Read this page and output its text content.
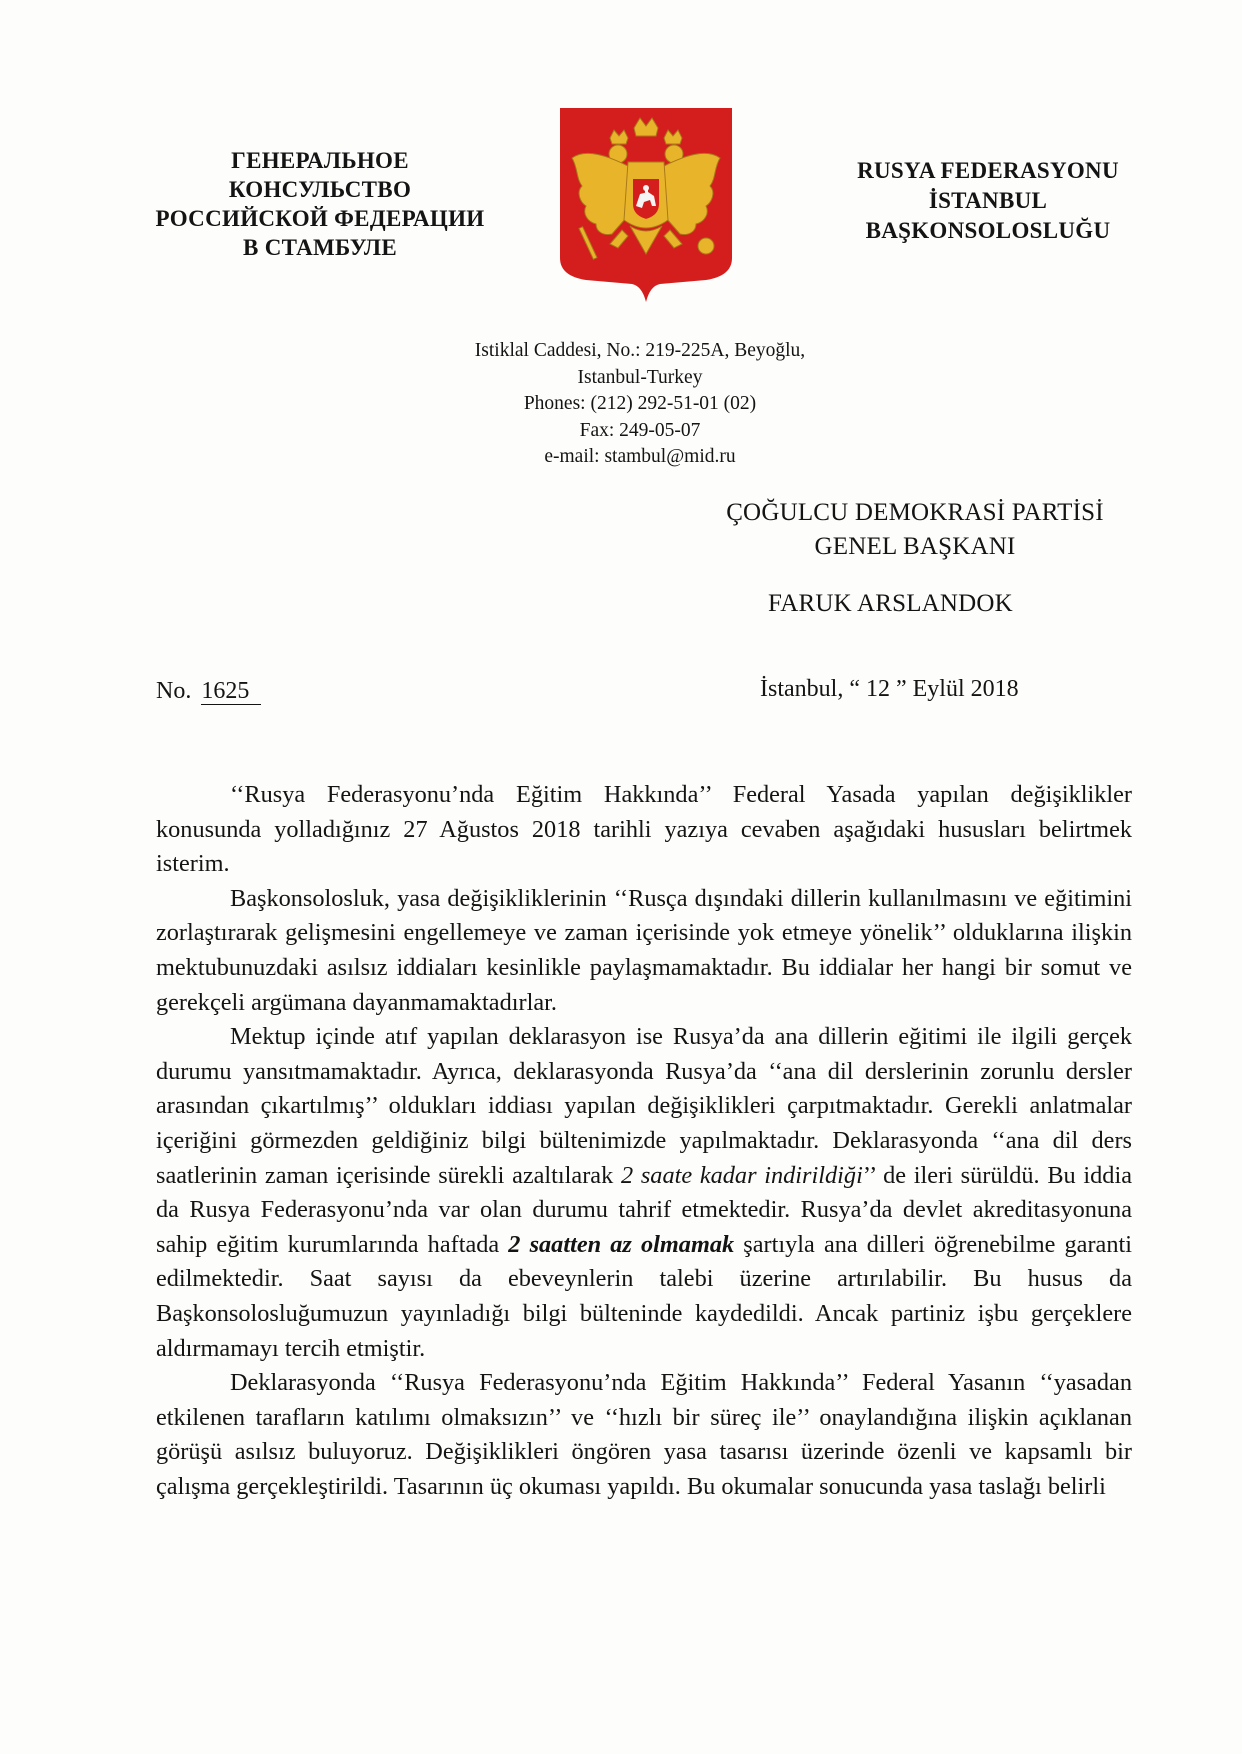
ГЕНЕРАЛЬНОЕ
КОНСУЛЬСТВО
РОССИЙСКОЙ ФЕДЕРАЦИИ
В СТАМБУЛЕ
RUSYA FEDERASYONU
İSTANBUL
BAŞKONSOLOSLUĞU
Istiklal Caddesi, No.: 219-225A, Beyoğlu,
Istanbul-Turkey
Phones: (212) 292-51-01 (02)
Fax: 249-05-07
e-mail: stambul@mid.ru
ÇOĞULCU DEMOKRASİ PARTİSİ
GENEL BAŞKANI
FARUK ARSLANDOK
No. 1625	İstanbul, “ 12 ” Eylül 2018

‘‘Rusya Federasyonu’nda Eğitim Hakkında’’ Federal Yasada yapılan değişiklikler konusunda yolladığınız 27 Ağustos 2018 tarihli yazıya cevaben aşağıdaki hususları belirtmek isterim.

Başkonsolosluk, yasa değişikliklerinin ‘‘Rusça dışındaki dillerin kullanılmasını ve eğitimini zorlaştırarak gelişmesini engellemeye ve zaman içerisinde yok etmeye yönelik’’ olduklarına ilişkin mektubunuzdaki asılsız iddiaları kesinlikle paylaşmamaktadır. Bu iddialar her hangi bir somut ve gerekçeli argümana dayanmamaktadırlar.

Mektup içinde atıf yapılan deklarasyon ise Rusya’da ana dillerin eğitimi ile ilgili gerçek durumu yansıtmamaktadır. Ayrıca, deklarasyonda Rusya’da ‘‘ana dil derslerinin zorunlu dersler arasından çıkartılmış’’ oldukları iddiası yapılan değişiklikleri çarpıtmaktadır. Gerekli anlatmalar içeriğini görmezden geldiğiniz bilgi bültenimizde yapılmaktadır. Deklarasyonda ‘‘ana dil ders saatlerinin zaman içerisinde sürekli azaltılarak 2 saate kadar indirildiği’’ de ileri sürüldü. Bu iddia da Rusya Federasyonu’nda var olan durumu tahrif etmektedir. Rusya’da devlet akreditasyonuna sahip eğitim kurumlarında haftada 2 saatten az olmamak şartıyla ana dilleri öğrenebilme garanti edilmektedir. Saat sayısı da ebeveynlerin talebi üzerine artırılabilir. Bu husus da Başkonsolosluğumuzun yayınladığı bilgi bülteninde kaydedildi. Ancak partiniz işbu gerçeklere aldırmamayı tercih etmiştir.

Deklarasyonda ‘‘Rusya Federasyonu’nda Eğitim Hakkında’’ Federal Yasanın ‘‘yasadan etkilenen tarafların katılımı olmaksızın’’ ve ‘‘hızlı bir süreç ile’’ onaylandığına ilişkin açıklanan görüşü asılsız buluyoruz. Değişiklikleri öngören yasa tasarısı üzerinde özenli ve kapsamlı bir çalışma gerçekleştirildi. Tasarının üç okuması yapıldı. Bu okumalar sonucunda yasa taslağı belirli
